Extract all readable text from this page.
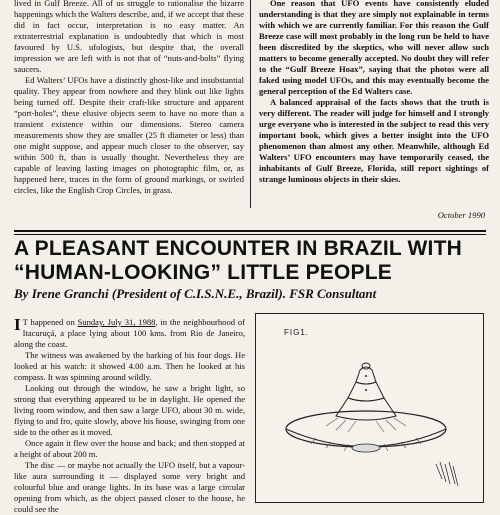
lived in Gulf Breeze. All of us struggle to rationalise the bizarre happenings which the Walters describe, and, if we accept that these did in fact occur, interpretation is no easy matter. An extraterrestrial explanation is undoubtedly that which is most favoured by U.S. ufologists, but despite that, the overall impression we are left with is not that of “nuts-and-bolts” flying saucers.

Ed Walters’ UFOs have a distinctly ghost-like and insubstantial quality. They appear from nowhere and they blink out like lights being turned off. Despite their craft-like structure and apparent “port-holes”, these elusive objects seem to have no more than a transient existence within our dimensions. Stereo camera measurements show they are smaller (25 ft diameter or less) than one might suppose, and appear much closer to the observer, say within 500 ft, than is usually thought. Nevertheless they are capable of leaving lasting images on photographic film, or, as happened here, traces in the form of ground markings, or swirled circles, like the English Crop Circles, in grass.

One reason that UFO events have consistently eluded understanding is that they are simply not explainable in terms with which we are currently familiar. For this reason the Gulf Breeze case will most probably in the long run be held to have been discredited by the skeptics, who will never allow such matters to become generally accepted. No doubt they will refer to the “Gulf Breeze Hoax”, saying that the photos were all faked using model UFOs, and this may eventually become the general perception of the Ed Walters case.

A balanced appraisal of the facts shows that the truth is very different. The reader will judge for himself and I strongly urge everyone who is interested in the subject to read this very important book, which gives a better insight into the UFO phenomenon than almost any other. Meanwhile, although Ed Walters’ UFO encounters may have temporarily ceased, the inhabitants of Gulf Breeze, Florida, still report sightings of strange luminous objects in their skies.

October 1990
A PLEASANT ENCOUNTER IN BRAZIL WITH
“HUMAN-LOOKING” LITTLE PEOPLE

By Irene Granchi (President of C.I.S.N.E., Brazil). FSR Consultant

I T happened on Sunday, July 31, 1988, in the neighbourhood of Itacuruçá, a place lying about 100 kms. from Rio de Janeiro, along the coast.

The witness was awakened by the barking of his four dogs. He looked at his watch: it showed 4.00 a.m. Then he looked at his compass. It was spinning around wildly.

Looking out through the window, he saw a bright light, so strong that everything appeared to be in daylight. He opened the living room window, and then saw a large UFO, about 30 m. wide, flying to and fro, quite slowly, above his house, swinging from one side to the other as it moved.

Once again it flew over the house and back; and then stopped at a height of about 200 m.

The disc — or maybe not actually the UFO itself, but a vapour-like aura surrounding it — displayed some very bright and colourful blue and orange lights. In its base was a large circular opening from which, as the object passed closer to the house, he could see the

FIG1.
